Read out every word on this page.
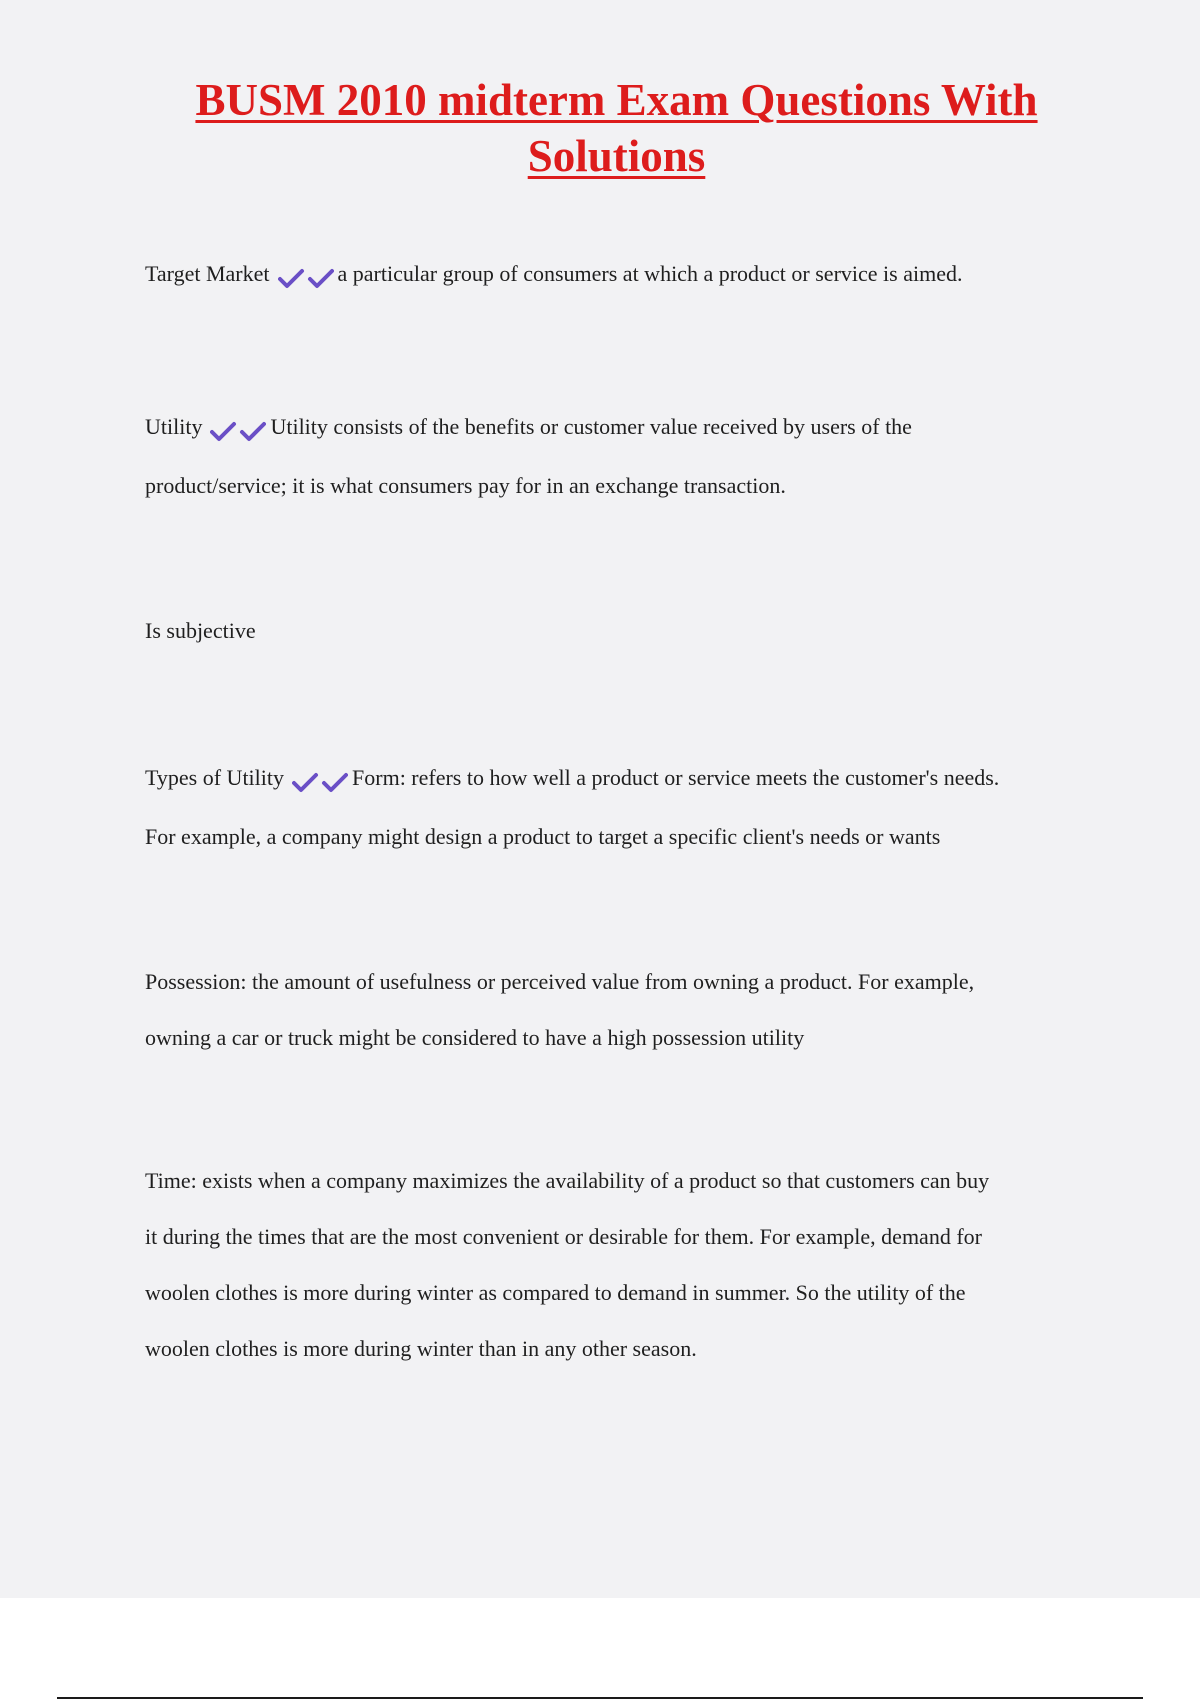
BUSM 2010 midterm Exam Questions With
Solutions

Target Market	a particular group of consumers at which a product or service is aimed.

Utility	Utility consists of the benefits or customer value received by users of the
product/service; it is what consumers pay for in an exchange transaction.

Is subjective

Types of Utility	Form: refers to how well a product or service meets the customer's needs.
For example, a company might design a product to target a specific client's needs or wants

Possession: the amount of usefulness or perceived value from owning a product. For example,
owning a car or truck might be considered to have a high possession utility

Time: exists when a company maximizes the availability of a product so that customers can buy
it during the times that are the most convenient or desirable for them. For example, demand for
woolen clothes is more during winter as compared to demand in summer. So the utility of the
woolen clothes is more during winter than in any other season.
